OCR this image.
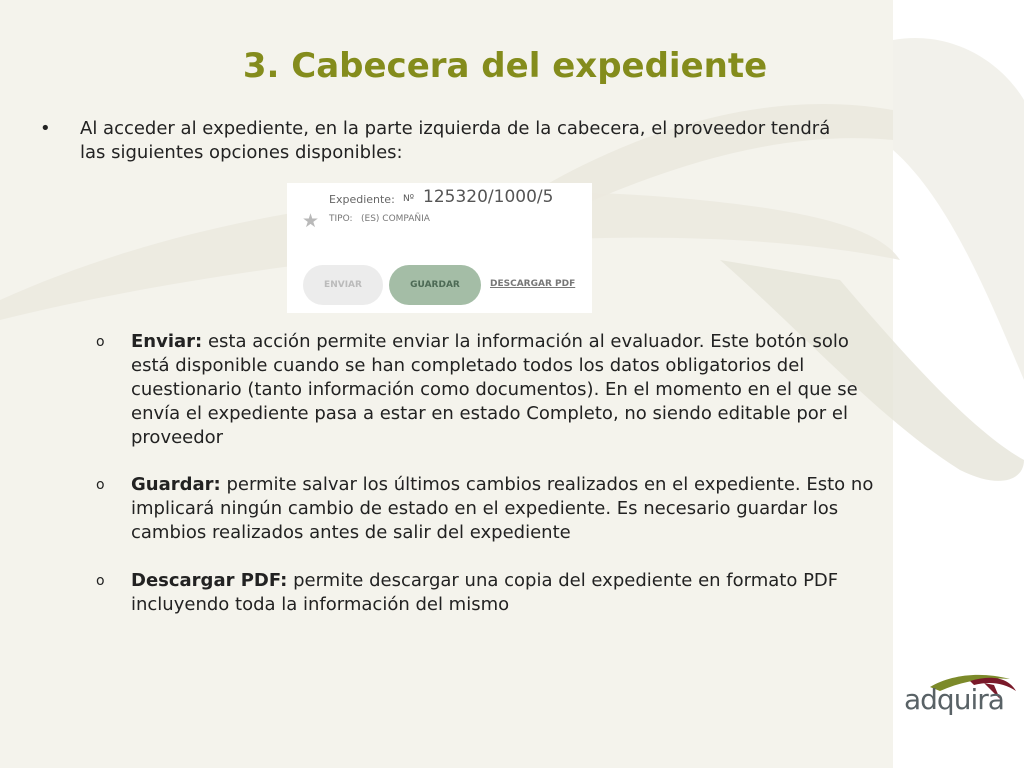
3. Cabecera del expediente
•	Al acceder al expediente, en la parte izquierda de la cabecera, el proveedor tendrá las siguientes opciones disponibles:
Expediente: Nº 125320/1000/5
★ TIPO: (ES) COMPAÑIA
ENVIAR	GUARDAR	DESCARGAR PDF
o Enviar: esta acción permite enviar la información al evaluador. Este botón solo está disponible cuando se han completado todos los datos obligatorios del cuestionario (tanto información como documentos). En el momento en el que se envía el expediente pasa a estar en estado Completo, no siendo editable por el proveedor
o Guardar: permite salvar los últimos cambios realizados en el expediente. Esto no implicará ningún cambio de estado en el expediente. Es necesario guardar los cambios realizados antes de salir del expediente
o Descargar PDF: permite descargar una copia del expediente en formato PDF incluyendo toda la información del mismo
adquira
